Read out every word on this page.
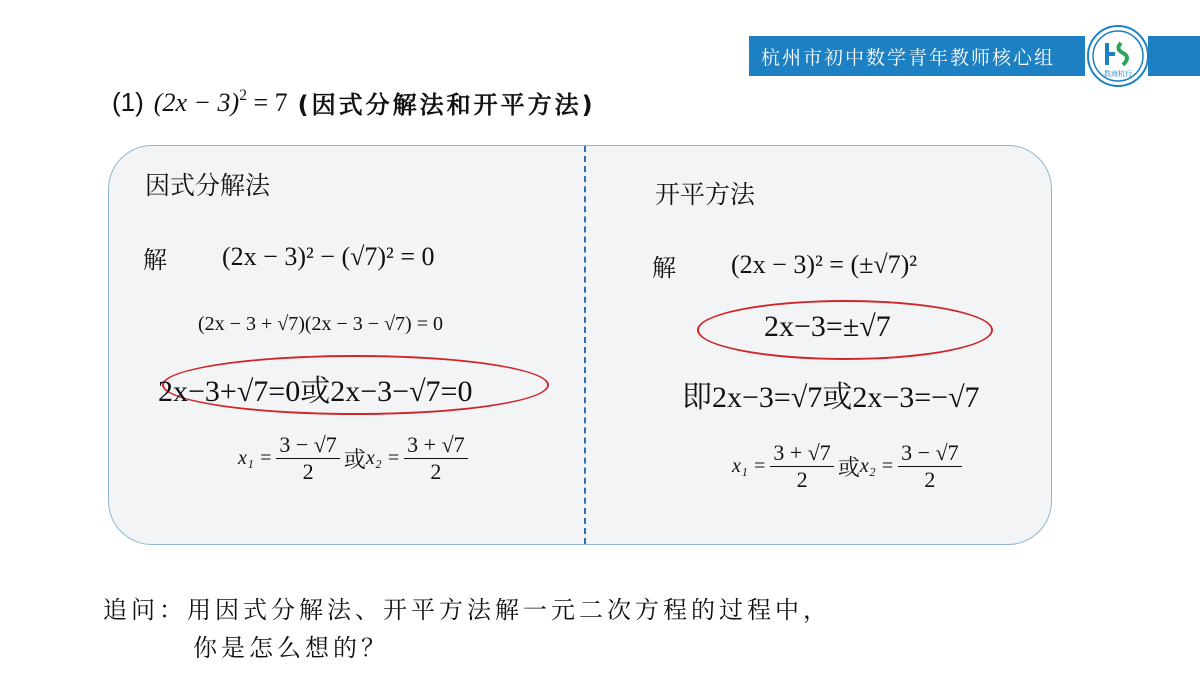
杭州市初中数学青年教师核心组
数海杭行
(1) $(2x - 3)^2 = 7$ (因式分解法和开平方法)
因式分解法
解 (2x − 3)² − (√7)² = 0
(2x − 3 + √7)(2x − 3 − √7) = 0
2x−3+√7=0或2x−3−√7=0
$x_1 = \frac{3 - √7}{2}$ 或 $x_2 = \frac{3 + √7}{2}$
开平方法
解 (2x − 3)² = (±√7)²
2x−3=±√7
即2x−3=√7或2x−3=−√7
$x_1 = \frac{3 + √7}{2}$ 或 $x_2 = \frac{3 - √7}{2}$
追问：用因式分解法、开平方法解一元二次方程的过程中，
你是怎么想的？
